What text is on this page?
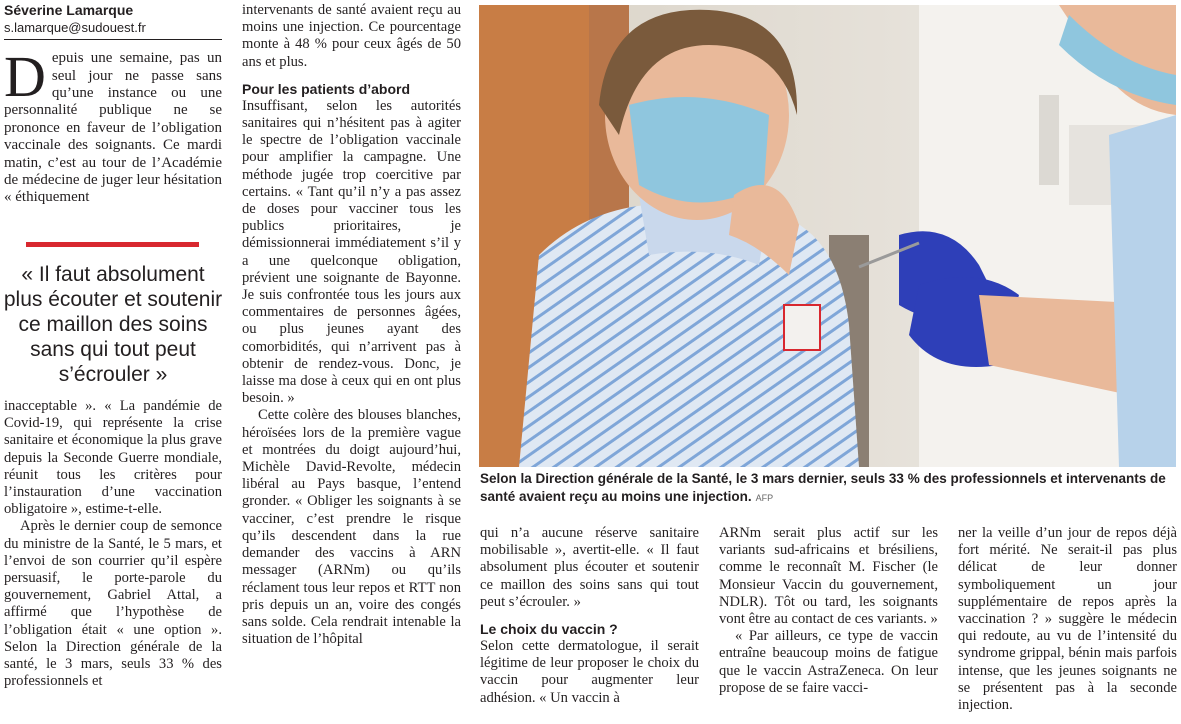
Séverine Lamarque
s.lamarque@sudouest.fr

Depuis une semaine, pas un seul jour ne passe sans qu’une instance ou une personnalité publique ne se prononce en faveur de l’obligation vaccinale des soignants. Ce mardi matin, c’est au tour de l’Académie de médecine de juger leur hésitation « éthiquement

« Il faut absolument plus écouter et soutenir ce maillon des soins sans qui tout peut s’écrouler »

inacceptable ». « La pandémie de Covid-19, qui représente la crise sanitaire et économique la plus grave depuis la Seconde Guerre mondiale, réunit tous les critères pour l’instauration d’une vaccination obligatoire », estime-t-elle.

Après le dernier coup de semonce du ministre de la Santé, le 5 mars, et l’envoi de son courrier qu’il espère persuasif, le porte-parole du gouvernement, Gabriel Attal, a affirmé que l’hypothèse de l’obligation était « une option ». Selon la Direction générale de la santé, le 3 mars, seuls 33 % des professionnels et

intervenants de santé avaient reçu au moins une injection. Ce pourcentage monte à 48 % pour ceux âgés de 50 ans et plus.

Pour les patients d’abord

Insuffisant, selon les autorités sanitaires qui n’hésitent pas à agiter le spectre de l’obligation vaccinale pour amplifier la campagne. Une méthode jugée trop coercitive par certains. « Tant qu’il n’y a pas assez de doses pour vacciner tous les publics prioritaires, je démissionnerai immédiatement s’il y a une quelconque obligation, prévient une soignante de Bayonne. Je suis confrontée tous les jours aux commentaires de personnes âgées, ou plus jeunes ayant des comorbidités, qui n’arrivent pas à obtenir de rendez-vous. Donc, je laisse ma dose à ceux qui en ont plus besoin. »

Cette colère des blouses blanches, héroïsées lors de la première vague et montrées du doigt aujourd’hui, Michèle David-Revolte, médecin libéral au Pays basque, l’entend gronder. « Obliger les soignants à se vacciner, c’est prendre le risque qu’ils descendent dans la rue demander des vaccins à ARN messager (ARNm) ou qu’ils réclament tous leur repos et RTT non pris depuis un an, voire des congés sans solde. Cela rendrait intenable la situation de l’hôpital

Selon la Direction générale de la Santé, le 3 mars dernier, seuls 33 % des professionnels et intervenants de santé avaient reçu au moins une injection. AFP

qui n’a aucune réserve sanitaire mobilisable », avertit-elle. « Il faut absolument plus écouter et soutenir ce maillon des soins sans qui tout peut s’écrouler. »

Le choix du vaccin ?

Selon cette dermatologue, il serait légitime de leur proposer le choix du vaccin pour augmenter leur adhésion. « Un vaccin à

ARNm serait plus actif sur les variants sud-africains et brésiliens, comme le reconnaît M. Fischer (le Monsieur Vaccin du gouvernement, NDLR). Tôt ou tard, les soignants vont être au contact de ces variants. »

« Par ailleurs, ce type de vaccin entraîne beaucoup moins de fatigue que le vaccin AstraZeneca. On leur propose de se faire vacci-

ner la veille d’un jour de repos déjà fort mérité. Ne serait-il pas plus délicat de leur donner symboliquement un jour supplémentaire de repos après la vaccination ? » suggère le médecin qui redoute, au vu de l’intensité du syndrome grippal, bénin mais parfois intense, que les jeunes soignants ne se présentent pas à la seconde injection.
